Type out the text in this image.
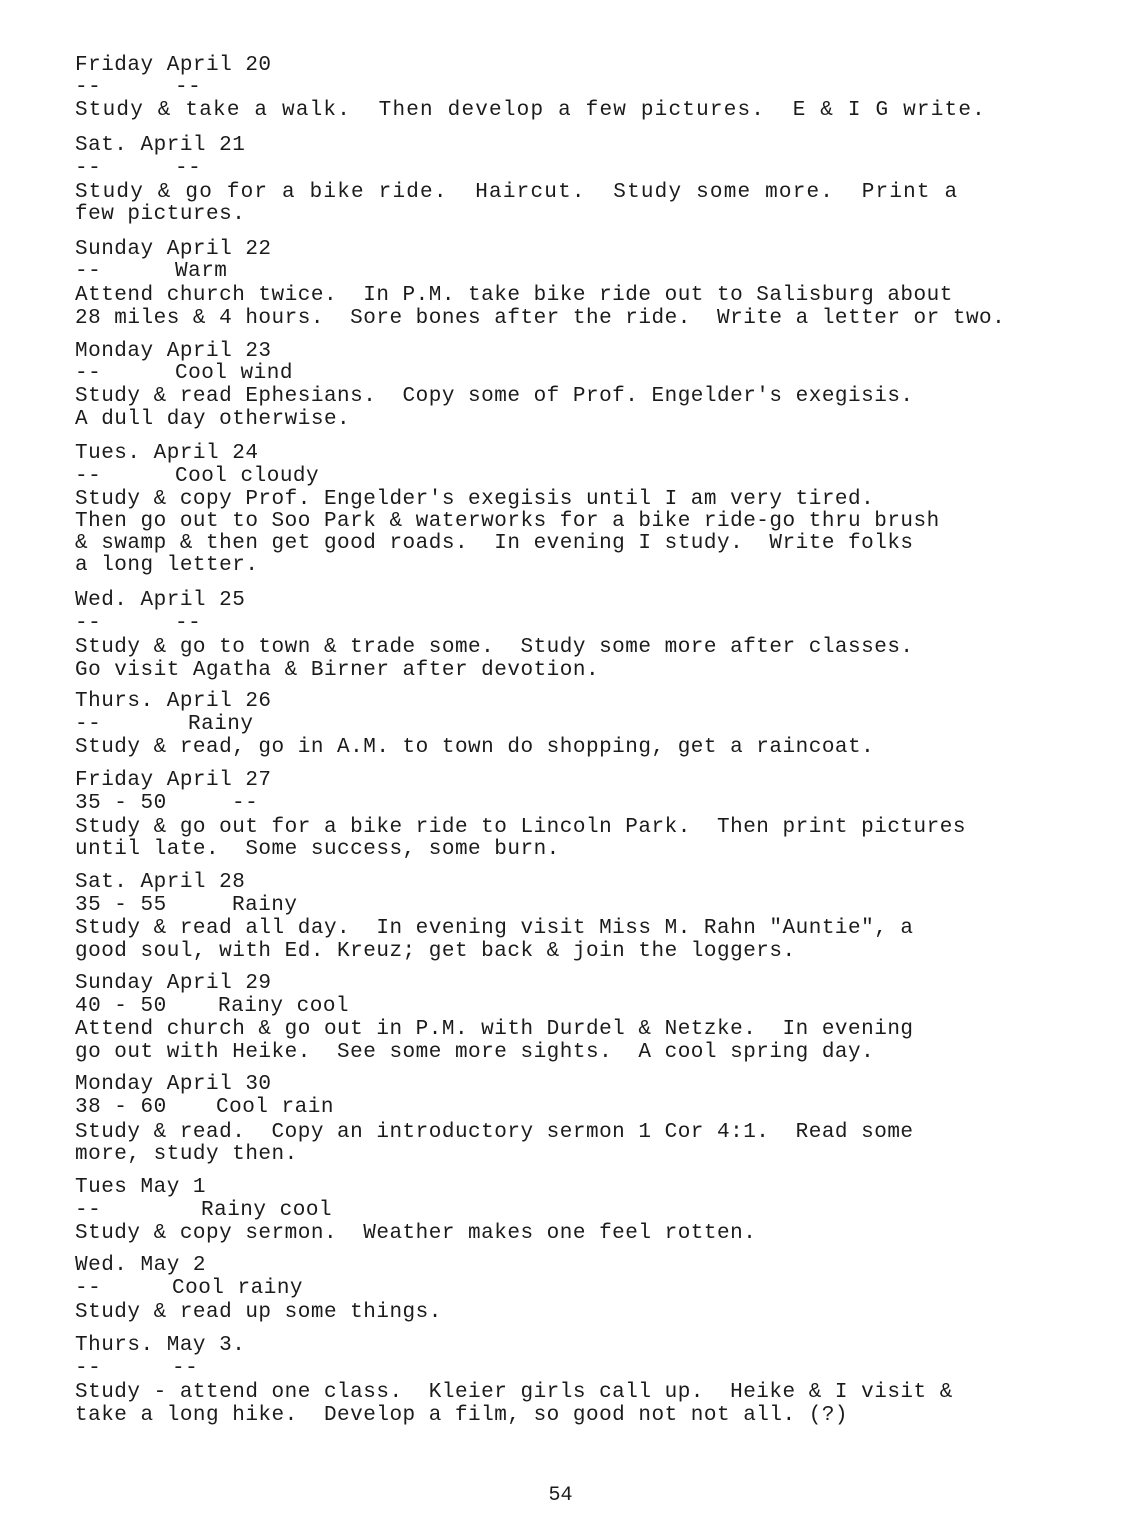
Friday April 20
--	--
Study & take a walk.  Then develop a few pictures.  E & I G write.
Sat. April 21
--	--
Study & go for a bike ride.  Haircut.  Study some more.  Print a
few pictures.
Sunday April 22
--	Warm
Attend church twice.  In P.M. take bike ride out to Salisburg about
28 miles & 4 hours.  Sore bones after the ride.  Write a letter or two.
Monday April 23
--	Cool wind
Study & read Ephesians.  Copy some of Prof. Engelder's exegisis.
A dull day otherwise.
Tues. April 24
--	Cool cloudy
Study & copy Prof. Engelder's exegisis until I am very tired.
Then go out to Soo Park & waterworks for a bike ride-go thru brush
& swamp & then get good roads.  In evening I study.  Write folks
a long letter.
Wed. April 25
--	--
Study & go to town & trade some.  Study some more after classes.
Go visit Agatha & Birner after devotion.
Thurs. April 26
--	Rainy
Study & read, go in A.M. to town do shopping, get a raincoat.
Friday April 27
35 - 50	--
Study & go out for a bike ride to Lincoln Park.  Then print pictures
until late.  Some success, some burn.
Sat. April 28
35 - 55	Rainy
Study & read all day.  In evening visit Miss M. Rahn "Auntie", a
good soul, with Ed. Kreuz; get back & join the loggers.
Sunday April 29
40 - 50 Rainy cool
Attend church & go out in P.M. with Durdel & Netzke.  In evening
go out with Heike.  See some more sights.  A cool spring day.
Monday April 30
38 - 60 Cool rain
Study & read.  Copy an introductory sermon 1 Cor 4:1.  Read some
more, study then.
Tues May 1
--	Rainy cool
Study & copy sermon.  Weather makes one feel rotten.
Wed. May 2
--	Cool rainy
Study & read up some things.
Thurs. May 3.
--	--
Study - attend one class.  Kleier girls call up.  Heike & I visit &
take a long hike.  Develop a film, so good not not all. (?)
54
